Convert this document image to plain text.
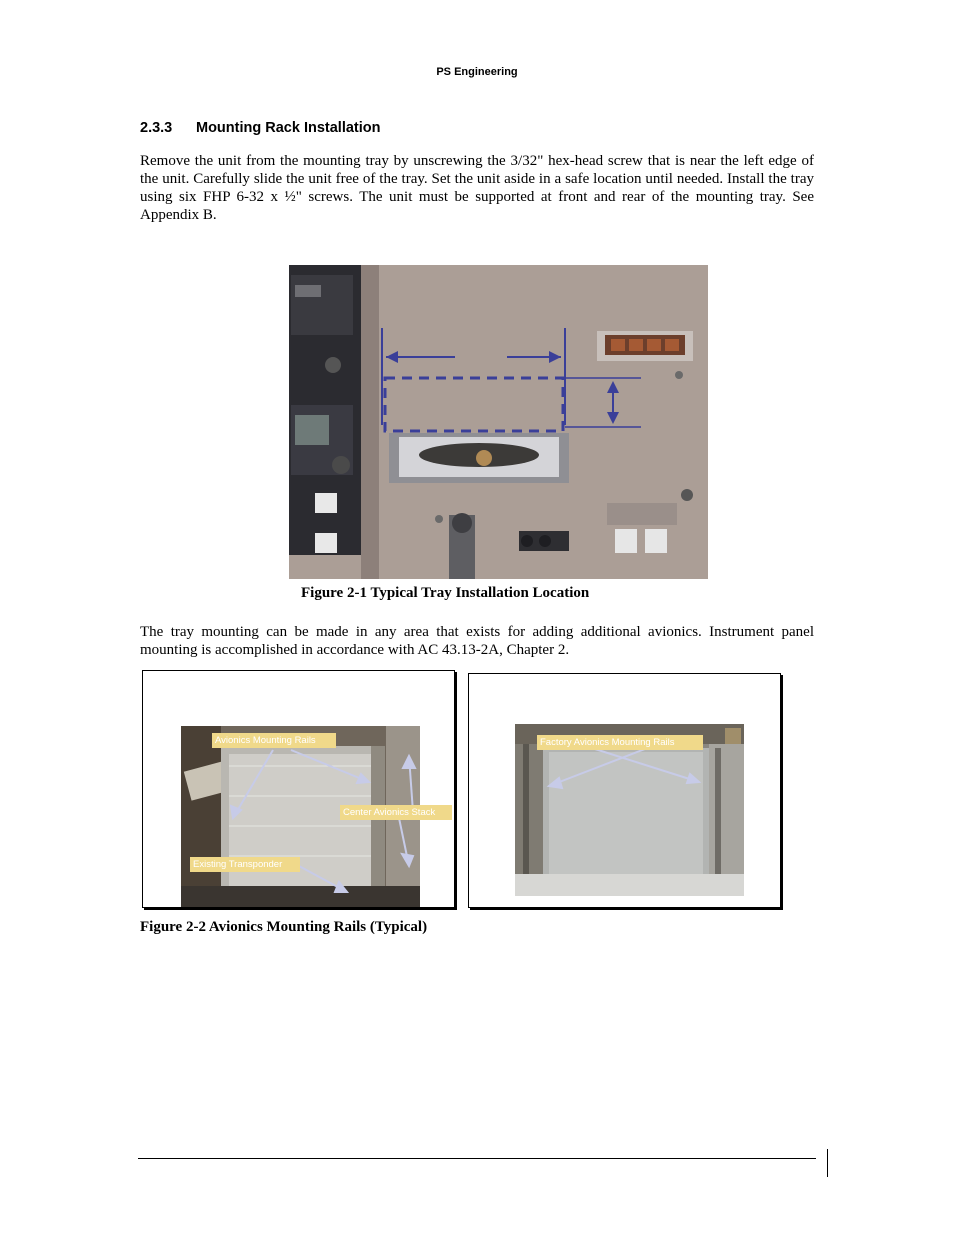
PS Engineering
2.3.3 Mounting Rack Installation
Remove the unit from the mounting tray by unscrewing the 3/32" hex-head screw that is near the left edge of the unit. Carefully slide the unit free of the tray. Set the unit aside in a safe location until needed. Install the tray using six FHP 6-32 x ½" screws. The unit must be supported at front and rear of the mounting tray. See Appendix B.
Figure 2-1 Typical Tray Installation Location
The tray mounting can be made in any area that exists for adding additional avionics. Instrument panel mounting is accomplished in accordance with AC 43.13-2A, Chapter 2.
Avionics Mounting Rails
Center Avionics Stack
Existing Transponder
Factory Avionics Mounting Rails
Figure 2-2 Avionics Mounting Rails (Typical)
